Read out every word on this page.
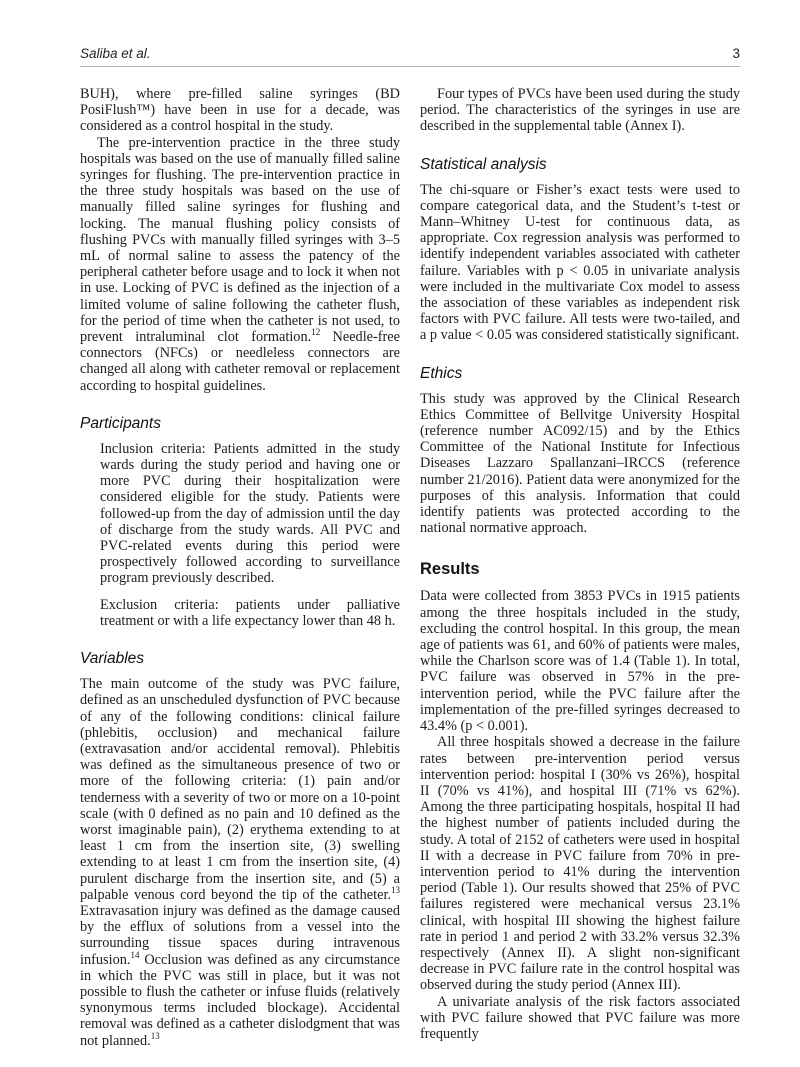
Saliba et al.	3

BUH), where pre-filled saline syringes (BD PosiFlush™) have been in use for a decade, was considered as a control hospital in the study.

The pre-intervention practice in the three study hospitals was based on the use of manually filled saline syringes for flushing. The pre-intervention practice in the three study hospitals was based on the use of manually filled saline syringes for flushing and locking. The manual flushing policy consists of flushing PVCs with manually filled syringes with 3–5 mL of normal saline to assess the patency of the peripheral catheter before usage and to lock it when not in use. Locking of PVC is defined as the injection of a limited volume of saline following the catheter flush, for the period of time when the catheter is not used, to prevent intraluminal clot formation.$^{12}$ Needle-free connectors (NFCs) or needleless connectors are changed all along with catheter removal or replacement according to hospital guidelines.

Participants

Inclusion criteria: Patients admitted in the study wards during the study period and having one or more PVC during their hospitalization were considered eligible for the study. Patients were followed-up from the day of admission until the day of discharge from the study wards. All PVC and PVC-related events during this period were prospectively followed according to surveillance program previously described.

Exclusion criteria: patients under palliative treatment or with a life expectancy lower than 48 h.

Variables

The main outcome of the study was PVC failure, defined as an unscheduled dysfunction of PVC because of any of the following conditions: clinical failure (phlebitis, occlusion) and mechanical failure (extravasation and/or accidental removal). Phlebitis was defined as the simultaneous presence of two or more of the following criteria: (1) pain and/or tenderness with a severity of two or more on a 10-point scale (with 0 defined as no pain and 10 defined as the worst imaginable pain), (2) erythema extending to at least 1 cm from the insertion site, (3) swelling extending to at least 1 cm from the insertion site, (4) purulent discharge from the insertion site, and (5) a palpable venous cord beyond the tip of the catheter.$^{13}$ Extravasation injury was defined as the damage caused by the efflux of solutions from a vessel into the surrounding tissue spaces during intravenous infusion.$^{14}$ Occlusion was defined as any circumstance in which the PVC was still in place, but it was not possible to flush the catheter or infuse fluids (relatively synonymous terms included blockage). Accidental removal was defined as a catheter dislodgment that was not planned.$^{13}$

Four types of PVCs have been used during the study period. The characteristics of the syringes in use are described in the supplemental table (Annex I).

Statistical analysis

The chi-square or Fisher’s exact tests were used to compare categorical data, and the Student’s t-test or Mann–Whitney U-test for continuous data, as appropriate. Cox regression analysis was performed to identify independent variables associated with catheter failure. Variables with p < 0.05 in univariate analysis were included in the multivariate Cox model to assess the association of these variables as independent risk factors with PVC failure. All tests were two-tailed, and a p value < 0.05 was considered statistically significant.

Ethics

This study was approved by the Clinical Research Ethics Committee of Bellvitge University Hospital (reference number AC092/15) and by the Ethics Committee of the National Institute for Infectious Diseases Lazzaro Spallanzani–IRCCS (reference number 21/2016). Patient data were anonymized for the purposes of this analysis. Information that could identify patients was protected according to the national normative approach.

Results

Data were collected from 3853 PVCs in 1915 patients among the three hospitals included in the study, excluding the control hospital. In this group, the mean age of patients was 61, and 60% of patients were males, while the Charlson score was of 1.4 (Table 1). In total, PVC failure was observed in 57% in the pre-intervention period, while the PVC failure after the implementation of the pre-filled syringes decreased to 43.4% (p < 0.001).

All three hospitals showed a decrease in the failure rates between pre-intervention period versus intervention period: hospital I (30% vs 26%), hospital II (70% vs 41%), and hospital III (71% vs 62%). Among the three participating hospitals, hospital II had the highest number of patients included during the study. A total of 2152 of catheters were used in hospital II with a decrease in PVC failure from 70% in pre-intervention period to 41% during the intervention period (Table 1). Our results showed that 25% of PVC failures registered were mechanical versus 23.1% clinical, with hospital III showing the highest failure rate in period 1 and period 2 with 33.2% versus 32.3% respectively (Annex II). A slight non-significant decrease in PVC failure rate in the control hospital was observed during the study period (Annex III).

A univariate analysis of the risk factors associated with PVC failure showed that PVC failure was more frequently
